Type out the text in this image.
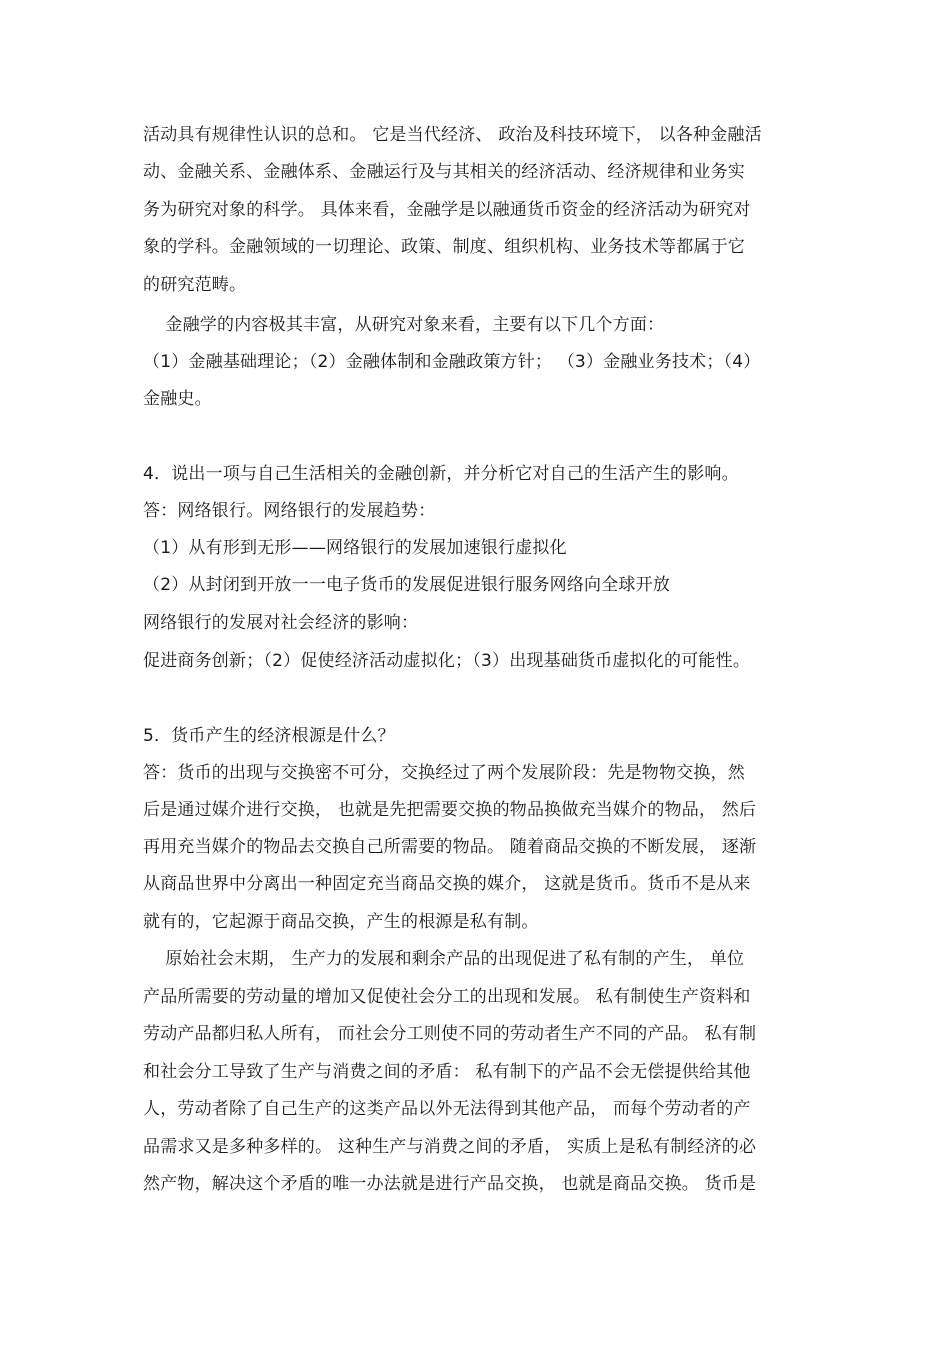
活动具有规律性认识的总和。 它是当代经济、 政治及科技环境下， 以各种金融活
动、金融关系、金融体系、金融运行及与其相关的经济活动、经济规律和业务实
务为研究对象的科学。 具体来看，金融学是以融通货币资金的经济活动为研究对
象的学科。金融领域的一切理论、政策、制度、组织机构、业务技术等都属于它
的研究范畴。
金融学的内容极其丰富，从研究对象来看，主要有以下几个方面：
（1）金融基础理论；（2）金融体制和金融政策方针； （3）金融业务技术；（4）
金融史。
4．说出一项与自己生活相关的金融创新，并分析它对自己的生活产生的影响。
答：网络银行。网络银行的发展趋势：
（1）从有形到无形——网络银行的发展加速银行虚拟化
（2）从封闭到开放一一电子货币的发展促进银行服务网络向全球开放
网络银行的发展对社会经济的影响：
促进商务创新；（2）促使经济活动虚拟化；（3）出现基础货币虚拟化的可能性。
5．货币产生的经济根源是什么？
答：货币的出现与交换密不可分，交换经过了两个发展阶段：先是物物交换，然
后是通过媒介进行交换， 也就是先把需要交换的物品换做充当媒介的物品， 然后
再用充当媒介的物品去交换自己所需要的物品。 随着商品交换的不断发展， 逐渐
从商品世界中分离出一种固定充当商品交换的媒介， 这就是货币。货币不是从来
就有的，它起源于商品交换，产生的根源是私有制。
原始社会末期， 生产力的发展和剩余产品的出现促进了私有制的产生， 单位
产品所需要的劳动量的增加又促使社会分工的出现和发展。 私有制使生产资料和
劳动产品都归私人所有， 而社会分工则使不同的劳动者生产不同的产品。 私有制
和社会分工导致了生产与消费之间的矛盾： 私有制下的产品不会无偿提供给其他
人，劳动者除了自己生产的这类产品以外无法得到其他产品， 而每个劳动者的产
品需求又是多种多样的。 这种生产与消费之间的矛盾， 实质上是私有制经济的必
然产物，解决这个矛盾的唯一办法就是进行产品交换， 也就是商品交换。 货币是
